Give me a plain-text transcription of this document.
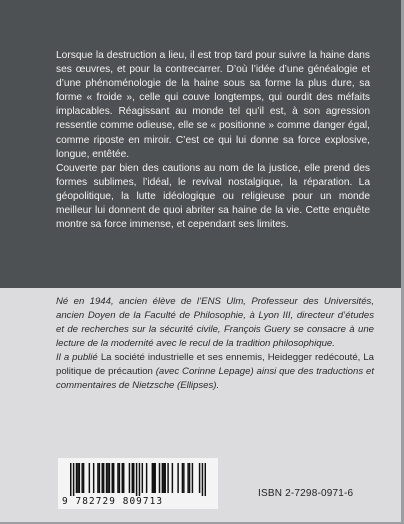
Lorsque la destruction a lieu, il est trop tard pour suivre la haine dans ses œuvres, et pour la contrecarrer. D’où l’idée d’une généalogie et d’une phénoménologie de la haine sous sa forme la plus dure, sa forme « froide », celle qui couve longtemps, qui ourdit des méfaits implacables. Réagissant au monde tel qu’il est, à son agression ressentie comme odieuse, elle se « positionne » comme danger égal, comme riposte en miroir. C’est ce qui lui donne sa force explosive, longue, entêtée.

Couverte par bien des cautions au nom de la justice, elle prend des formes sublimes, l’idéal, le revival nostalgique, la réparation. La géopolitique, la lutte idéologique ou religieuse pour un monde meilleur lui donnent de quoi abriter sa haine de la vie. Cette enquête montre sa force immense, et cependant ses limites.

Né en 1944, ancien élève de l’ENS Ulm, Professeur des Universités, ancien Doyen de la Faculté de Philosophie, à Lyon III, directeur d’études et de recherches sur la sécurité civile, François Guery se consacre à une lecture de la modernité avec le recul de la tradition philosophique.

Il a publié La société industrielle et ses ennemis, Heidegger redécouté, La politique de précaution (avec Corinne Lepage) ainsi que des traductions et commentaires de Nietzsche (Ellipses).

9 782729 809713
ISBN 2-7298-0971-6
